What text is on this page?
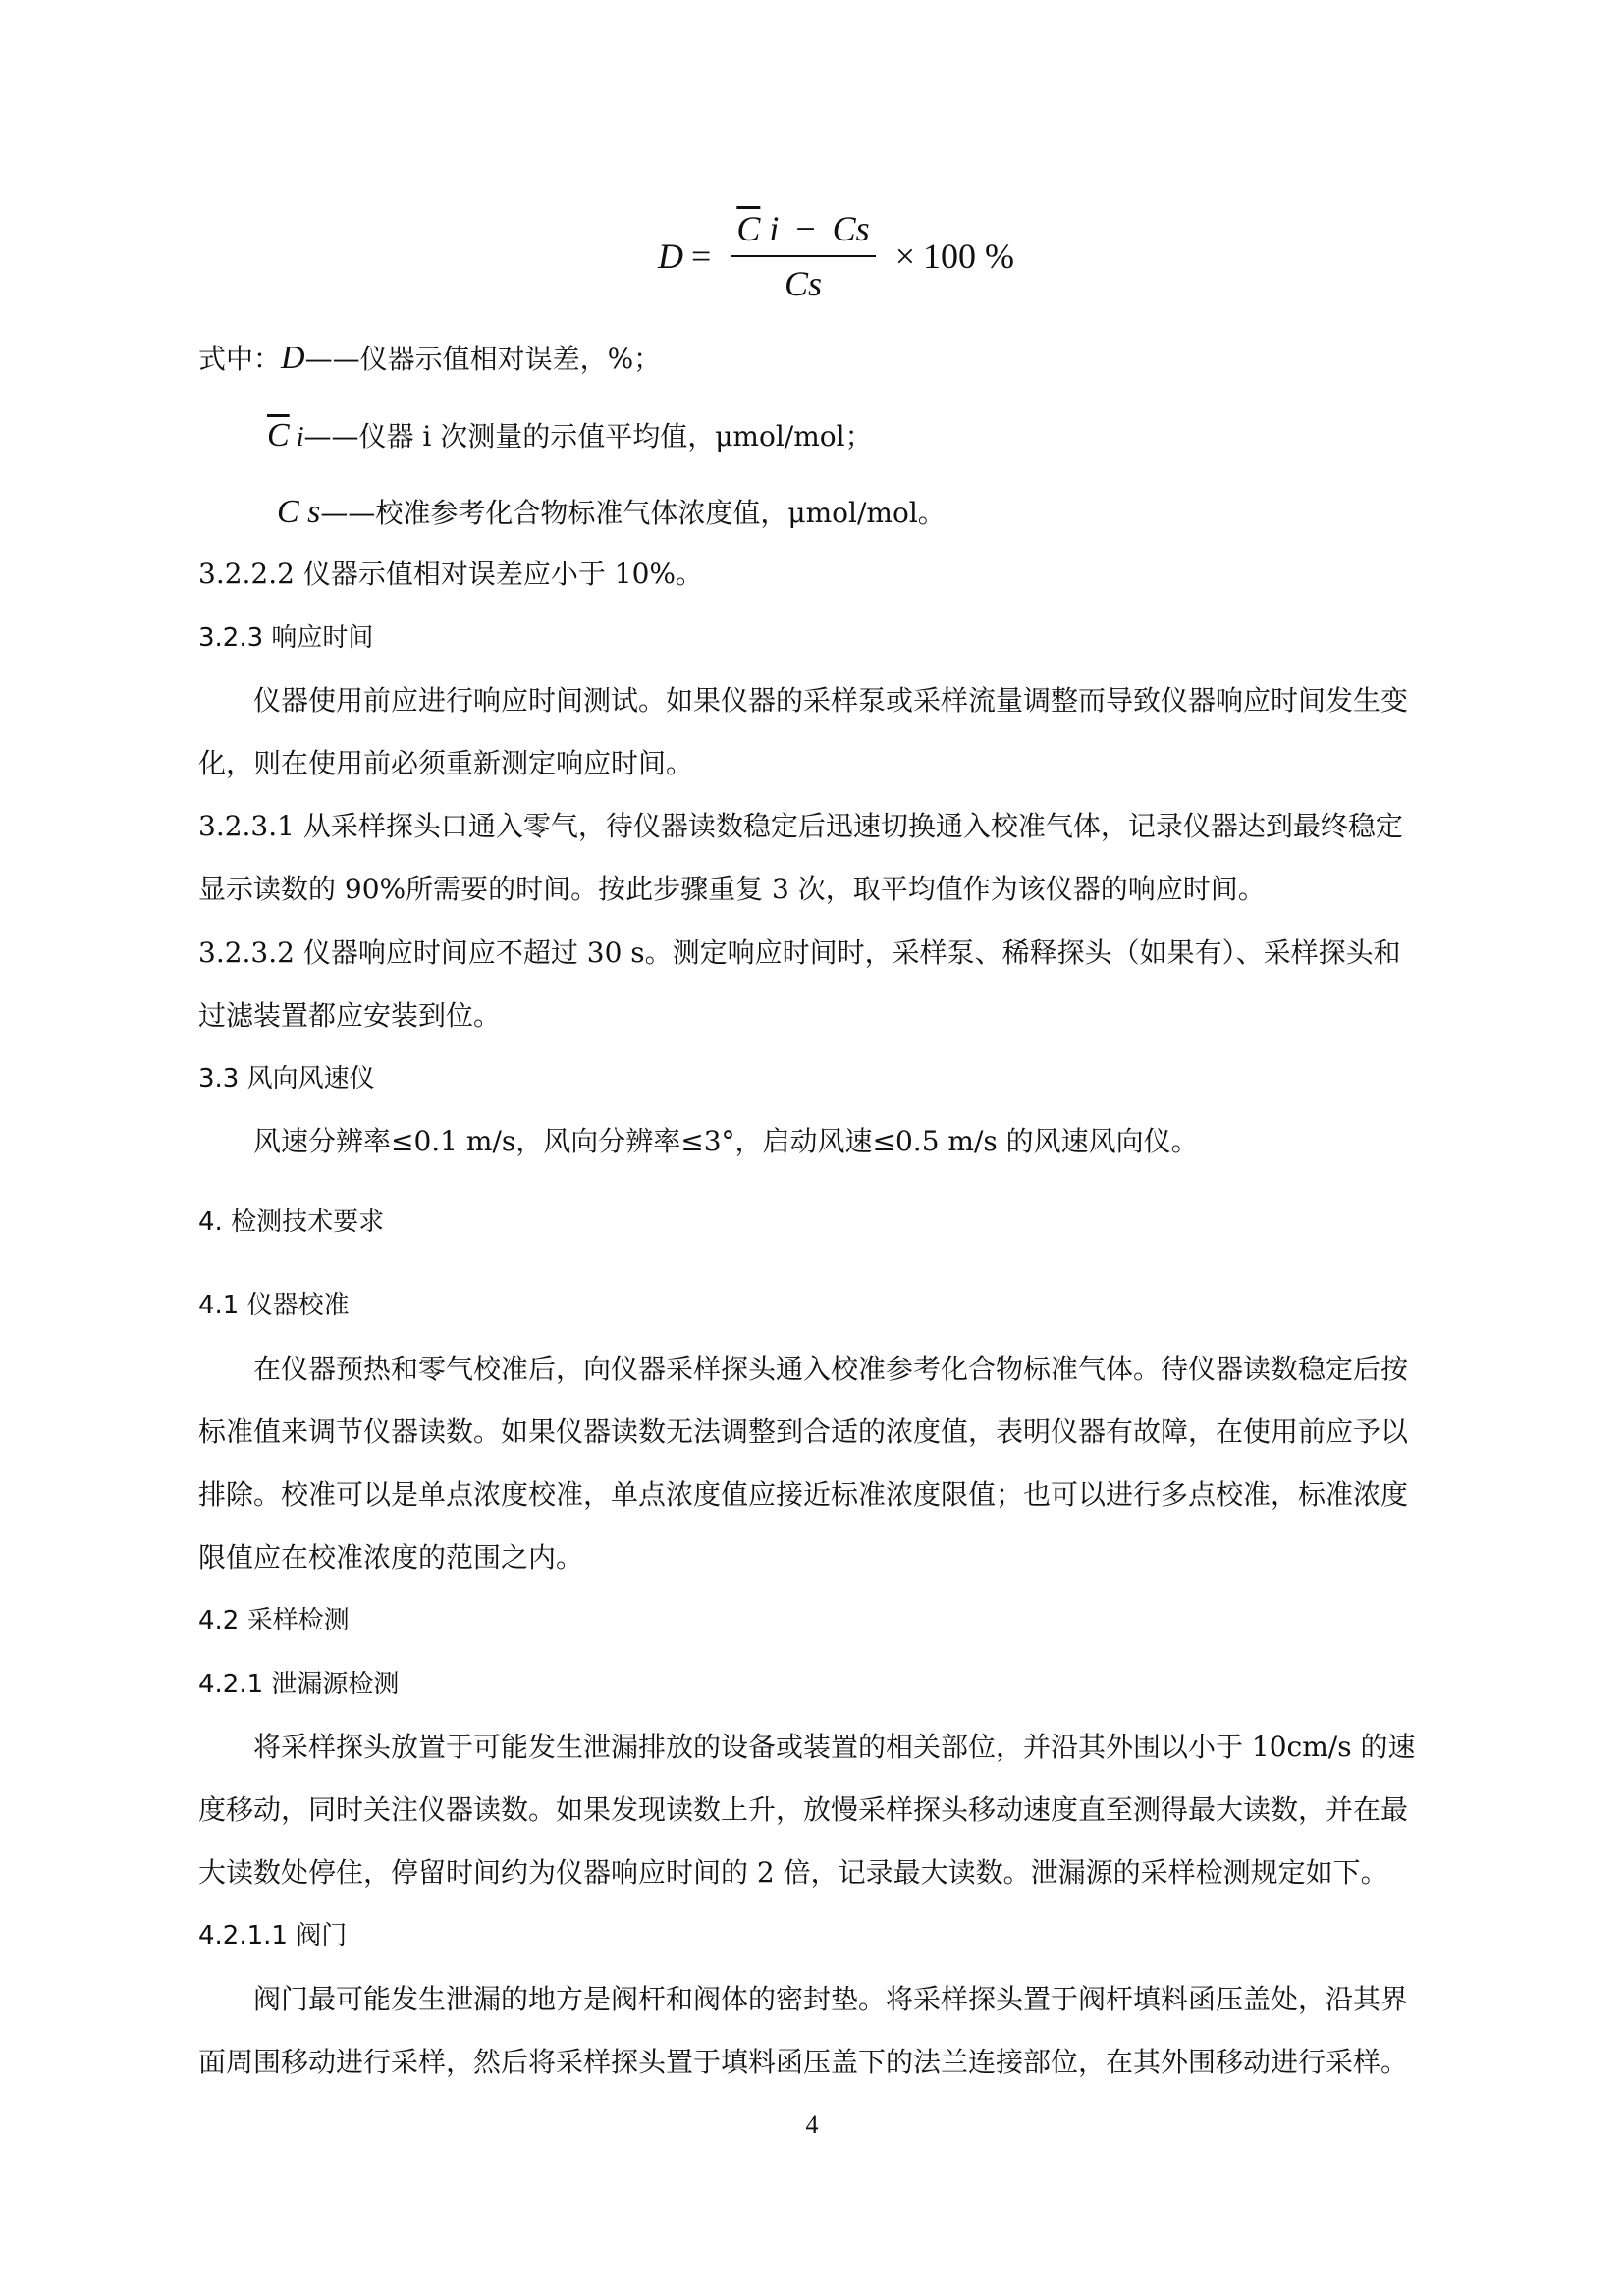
$D = \frac{\overline{C} i - Cs}{Cs} \times 100$ %
式中：D——仪器示值相对误差，%；
$\overline{C}$ i——仪器 i 次测量的示值平均值，μmol/mol；
C s——校准参考化合物标准气体浓度值，μmol/mol。
3.2.2.2 仪器示值相对误差应小于 10%。
3.2.3 响应时间
仪器使用前应进行响应时间测试。如果仪器的采样泵或采样流量调整而导致仪器响应时间发生变
化，则在使用前必须重新测定响应时间。
3.2.3.1 从采样探头口通入零气，待仪器读数稳定后迅速切换通入校准气体，记录仪器达到最终稳定
显示读数的 90%所需要的时间。按此步骤重复 3 次，取平均值作为该仪器的响应时间。
3.2.3.2 仪器响应时间应不超过 30 s。测定响应时间时，采样泵、稀释探头（如果有）、采样探头和
过滤装置都应安装到位。
3.3 风向风速仪
风速分辨率≤0.1 m/s，风向分辨率≤3°，启动风速≤0.5 m/s 的风速风向仪。
4. 检测技术要求
4.1 仪器校准
在仪器预热和零气校准后，向仪器采样探头通入校准参考化合物标准气体。待仪器读数稳定后按
标准值来调节仪器读数。如果仪器读数无法调整到合适的浓度值，表明仪器有故障，在使用前应予以
排除。校准可以是单点浓度校准，单点浓度值应接近标准浓度限值；也可以进行多点校准，标准浓度
限值应在校准浓度的范围之内。
4.2 采样检测
4.2.1 泄漏源检测
将采样探头放置于可能发生泄漏排放的设备或装置的相关部位，并沿其外围以小于 10cm/s 的速
度移动，同时关注仪器读数。如果发现读数上升，放慢采样探头移动速度直至测得最大读数，并在最
大读数处停住，停留时间约为仪器响应时间的 2 倍，记录最大读数。泄漏源的采样检测规定如下。
4.2.1.1 阀门
阀门最可能发生泄漏的地方是阀杆和阀体的密封垫。将采样探头置于阀杆填料函压盖处，沿其界
面周围移动进行采样，然后将采样探头置于填料函压盖下的法兰连接部位，在其外围移动进行采样。
4
